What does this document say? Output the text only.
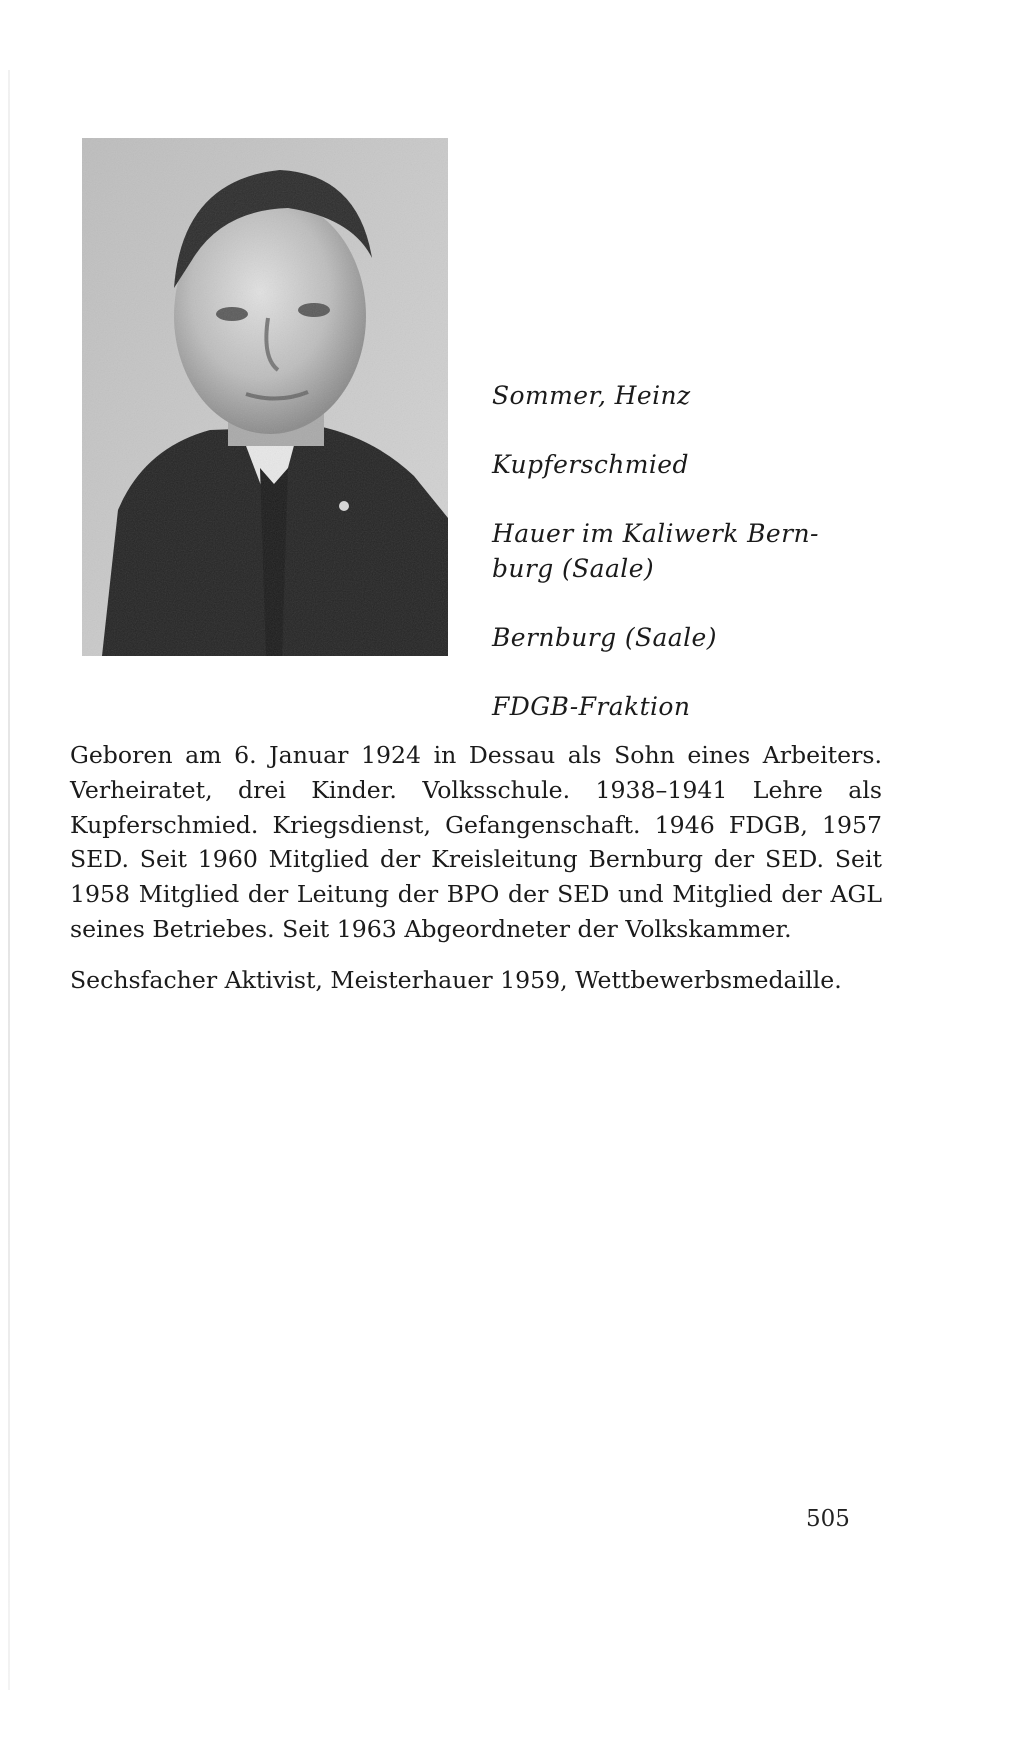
Sommer, Heinz
Kupferschmied
Hauer im Kaliwerk Bern-
burg (Saale)
Bernburg (Saale)
FDGB-Fraktion

Geboren am 6. Januar 1924 in Dessau als Sohn eines Arbeiters. Verheiratet, drei Kinder. Volksschule. 1938–1941 Lehre als Kupferschmied. Kriegsdienst, Gefangenschaft. 1946 FDGB, 1957 SED. Seit 1960 Mitglied der Kreisleitung Bernburg der SED. Seit 1958 Mitglied der Leitung der BPO der SED und Mitglied der AGL seines Betriebes. Seit 1963 Abgeordneter der Volkskammer.

Sechsfacher Aktivist, Meisterhauer 1959, Wettbewerbsmedaille.

505
